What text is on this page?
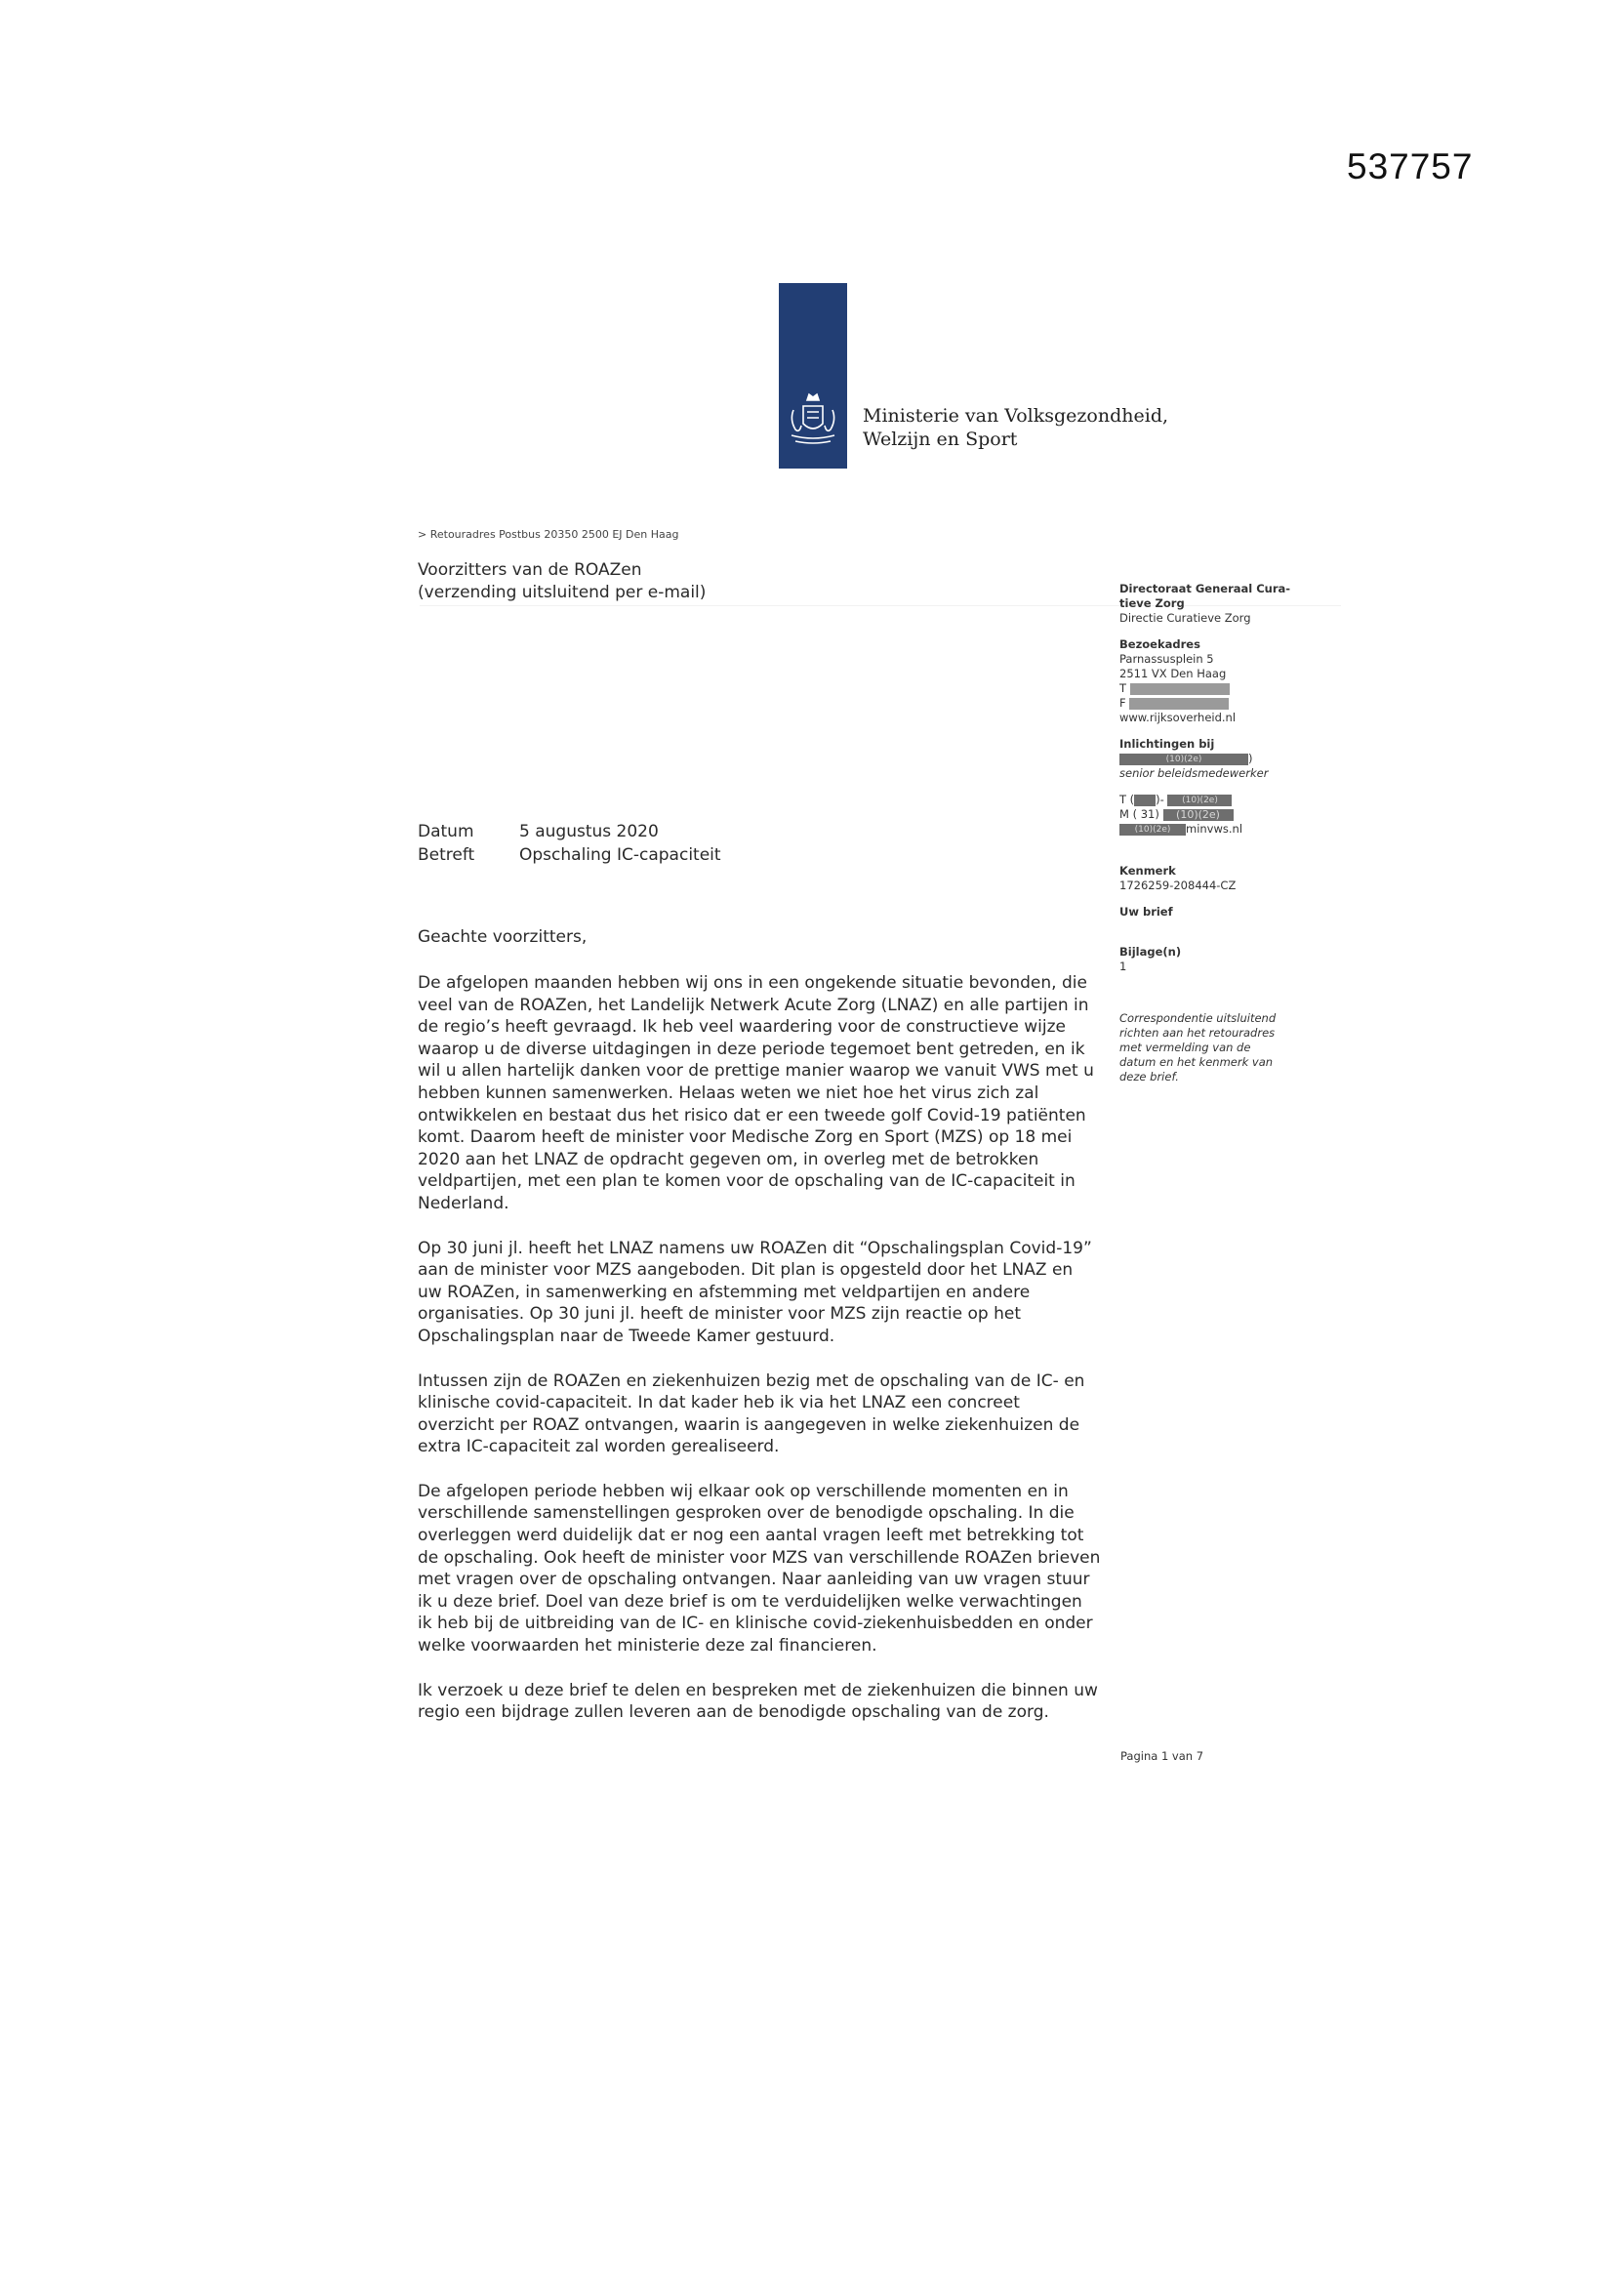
537757
Ministerie van Volksgezondheid,
Welzijn en Sport
> Retouradres Postbus 20350 2500 EJ Den Haag
Voorzitters van de ROAZen
(verzending uitsluitend per e-mail)	Directoraat Generaal Cura-
tieve Zorg
Directie Curatieve Zorg
Bezoekadres
Parnassusplein 5
2511 VX Den Haag
T
F
www.rijksoverheid.nl
Inlichtingen bij
(10)(2e)	)
senior beleidsmedewerker
T ( )- (10)(2e)
M ( 31) (10)(2e)
(10)(2e) minvws.nl
Kenmerk
1726259-208444-CZ
Uw brief
Bijlage(n)
1
Correspondentie uitsluitend
richten aan het retouradres
met vermelding van de
datum en het kenmerk van
deze brief.
Datum	5 augustus 2020
Betreft	Opschaling IC-capaciteit
Geachte voorzitters,

De afgelopen maanden hebben wij ons in een ongekende situatie bevonden, die veel van de ROAZen, het Landelijk Netwerk Acute Zorg (LNAZ) en alle partijen in de regio’s heeft gevraagd. Ik heb veel waardering voor de constructieve wijze waarop u de diverse uitdagingen in deze periode tegemoet bent getreden, en ik wil u allen hartelijk danken voor de prettige manier waarop we vanuit VWS met u hebben kunnen samenwerken. Helaas weten we niet hoe het virus zich zal ontwikkelen en bestaat dus het risico dat er een tweede golf Covid-19 patiënten komt. Daarom heeft de minister voor Medische Zorg en Sport (MZS) op 18 mei 2020 aan het LNAZ de opdracht gegeven om, in overleg met de betrokken veldpartijen, met een plan te komen voor de opschaling van de IC-capaciteit in Nederland.

Op 30 juni jl. heeft het LNAZ namens uw ROAZen dit “Opschalingsplan Covid-19” aan de minister voor MZS aangeboden. Dit plan is opgesteld door het LNAZ en uw ROAZen, in samenwerking en afstemming met veldpartijen en andere organisaties. Op 30 juni jl. heeft de minister voor MZS zijn reactie op het Opschalingsplan naar de Tweede Kamer gestuurd.

Intussen zijn de ROAZen en ziekenhuizen bezig met de opschaling van de IC- en klinische covid-capaciteit. In dat kader heb ik via het LNAZ een concreet overzicht per ROAZ ontvangen, waarin is aangegeven in welke ziekenhuizen de extra IC-capaciteit zal worden gerealiseerd.

De afgelopen periode hebben wij elkaar ook op verschillende momenten en in verschillende samenstellingen gesproken over de benodigde opschaling. In die overleggen werd duidelijk dat er nog een aantal vragen leeft met betrekking tot de opschaling. Ook heeft de minister voor MZS van verschillende ROAZen brieven met vragen over de opschaling ontvangen. Naar aanleiding van uw vragen stuur ik u deze brief. Doel van deze brief is om te verduidelijken welke verwachtingen ik heb bij de uitbreiding van de IC- en klinische covid-ziekenhuisbedden en onder welke voorwaarden het ministerie deze zal financieren.

Ik verzoek u deze brief te delen en bespreken met de ziekenhuizen die binnen uw regio een bijdrage zullen leveren aan de benodigde opschaling van de zorg.

Pagina 1 van 7
